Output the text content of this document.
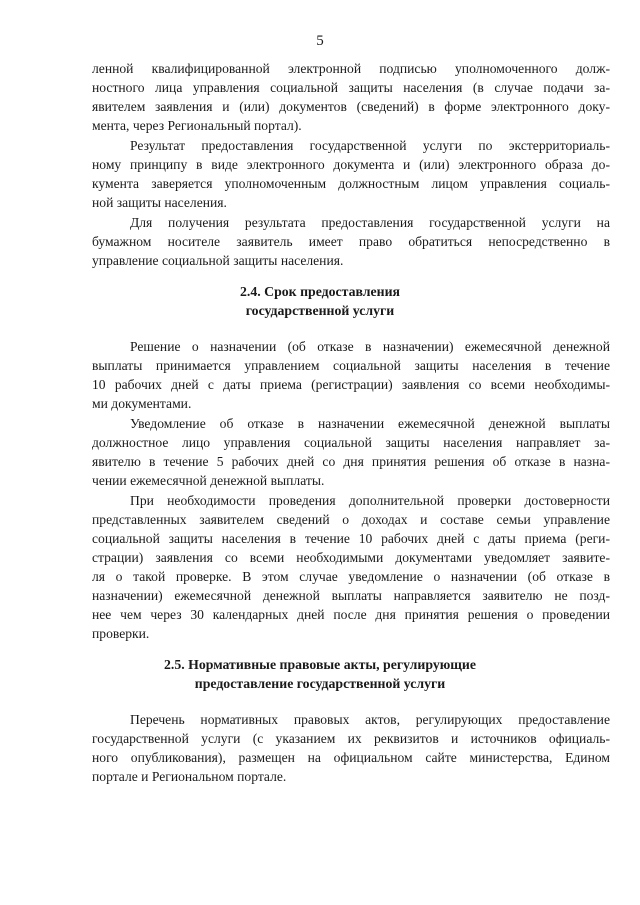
5
ленной квалифицированной электронной подписью уполномоченного долж-
ностного лица управления социальной защиты населения (в случае подачи за-
явителем заявления и (или) документов (сведений) в форме электронного доку-
мента, через Региональный портал).
Результат предоставления государственной услуги по экстерриториаль-
ному принципу в виде электронного документа и (или) электронного образа до-
кумента заверяется уполномоченным должностным лицом управления социаль-
ной защиты населения.
Для получения результата предоставления государственной услуги на
бумажном носителе заявитель имеет право обратиться непосредственно в
управление социальной защиты населения.
2.4. Срок предоставления
государственной услуги
Решение о назначении (об отказе в назначении) ежемесячной денежной
выплаты принимается управлением социальной защиты населения в течение
10 рабочих дней с даты приема (регистрации) заявления со всеми необходимы-
ми документами.
Уведомление об отказе в назначении ежемесячной денежной выплаты
должностное лицо управления социальной защиты населения направляет за-
явителю в течение 5 рабочих дней со дня принятия решения об отказе в назна-
чении ежемесячной денежной выплаты.
При необходимости проведения дополнительной проверки достоверности
представленных заявителем сведений о доходах и составе семьи управление
социальной защиты населения в течение 10 рабочих дней с даты приема (реги-
страции) заявления со всеми необходимыми документами уведомляет заявите-
ля о такой проверке. В этом случае уведомление о назначении (об отказе в
назначении) ежемесячной денежной выплаты направляется заявителю не позд-
нее чем через 30 календарных дней после дня принятия решения о проведении
проверки.
2.5. Нормативные правовые акты, регулирующие
предоставление государственной услуги
Перечень нормативных правовых актов, регулирующих предоставление
государственной услуги (с указанием их реквизитов и источников официаль-
ного опубликования), размещен на официальном сайте министерства, Едином
портале и Региональном портале.
